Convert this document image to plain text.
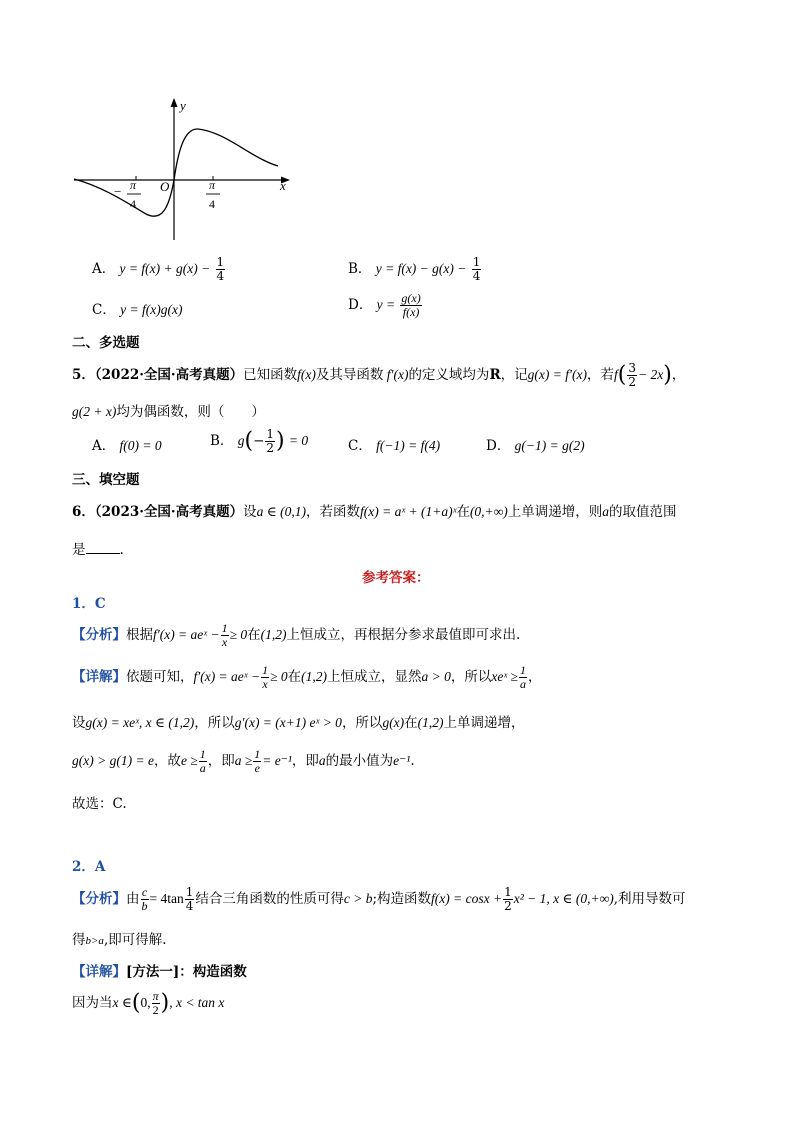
y
x
O
− π
4
π
4
A． $y = f(x) + g(x) - \frac{1}{4}$	B． $y = f(x) - g(x) - \frac{1}{4}$
C． y = f(x)g(x)	D． $y = \frac{g(x)}{f(x)}$
二、多选题
5．（2022·全国·高考真题）已知函数f(x)及其导函数 f′(x)的定义域均为R，记g(x) = f′(x)，若$f( \frac{3}{2} - 2x)$，
g(2 + x)均为偶函数，则（　　）
A． f(0) = 0	B． $g(- \frac{1}{2}$ ) = 0	C． f(−1) = f(4)	D． g(−1) = g(2)
三、填空题
6．（2023·全国·高考真题）设a ∈ (0,1)，若函数f(x) = aˣ + (1+a)ˣ在(0,+∞)上单调递增，则a的取值范围
是	.
参考答案：
1．C
【分析】根据f′(x) = aeˣ − $\frac{1}{x} \ge 0$在(1,2)上恒成立，再根据分参求最值即可求出.
【详解】依题可知，f′(x) = aeˣ − $\frac{1}{x} \ge 0$在(1,2)上恒成立，显然a > 0，所以xeˣ ≥ $\frac{1}{a}$ ，
设g(x) = xeˣ, x ∈ (1,2)，所以g′(x) = (x+1) eˣ > 0，所以g(x)在(1,2)上单调递增，
g(x) > g(1) = e，故$e \ge \frac{1}{a}$ ，即$a \ge \frac{1}{e} = e^{-1}$，即a的最小值为e⁻¹.
故选：C.
2．A
【分析】由 $\frac{c}{b} = 4\tan \frac{1}{4}$ 结合三角函数的性质可得c > b;构造函数$f(x) = \cos x + \frac{1}{2} x^2 - 1$, x ∈ (0,+∞),利用导数可
得b>a,即可得解.
【详解】[方法一]：构造函数
因为当x ∈(0, $\frac{\pi}{2}$ ), x < tan x
